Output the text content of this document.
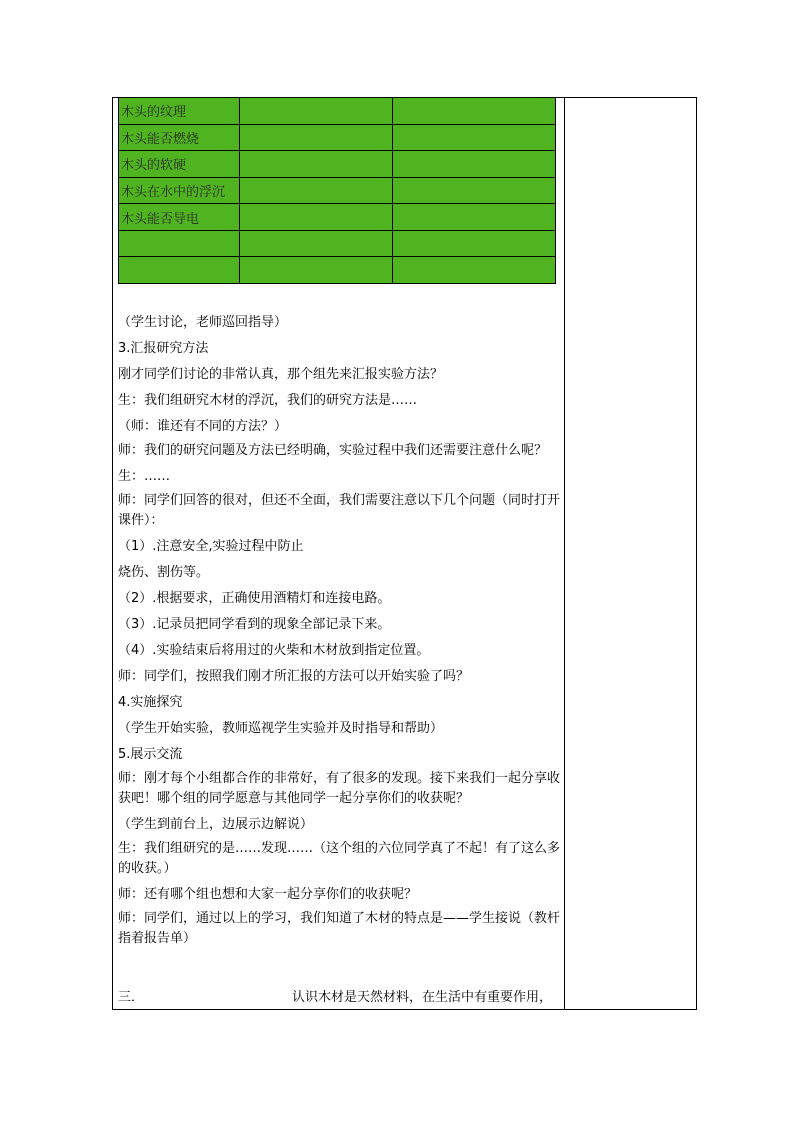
木头的纹理		
木头能否燃烧		
木头的软硬		
木头在水中的浮沉		
木头能否导电		

（学生讨论，老师巡回指导）

3.汇报研究方法

刚才同学们讨论的非常认真，那个组先来汇报实验方法？

生：我们组研究木材的浮沉，我们的研究方法是……

（师：谁还有不同的方法？）

师：我们的研究问题及方法已经明确，实验过程中我们还需要注意什么呢？

生：……

师：同学们回答的很对，但还不全面，我们需要注意以下几个问题（同时打开课件）：

（1）.注意安全,实验过程中防止

烧伤、割伤等。

（2）.根据要求，正确使用酒精灯和连接电路。

（3）.记录员把同学看到的现象全部记录下来。

（4）.实验结束后将用过的火柴和木材放到指定位置。

师：同学们，按照我们刚才所汇报的方法可以开始实验了吗？

4.实施探究

（学生开始实验，教师巡视学生实验并及时指导和帮助）

5.展示交流

师：刚才每个小组都合作的非常好，有了很多的发现。接下来我们一起分享收获吧！哪个组的同学愿意与其他同学一起分享你们的收获呢？

（学生到前台上，边展示边解说）

生：我们组研究的是……发现……（这个组的六位同学真了不起！有了这么多的收获。）

师：还有哪个组也想和大家一起分享你们的收获呢？

师：同学们，通过以上的学习，我们知道了木材的特点是——学生接说（教杆指着报告单）

三．	认识木材是天然材料，在生活中有重要作用，
